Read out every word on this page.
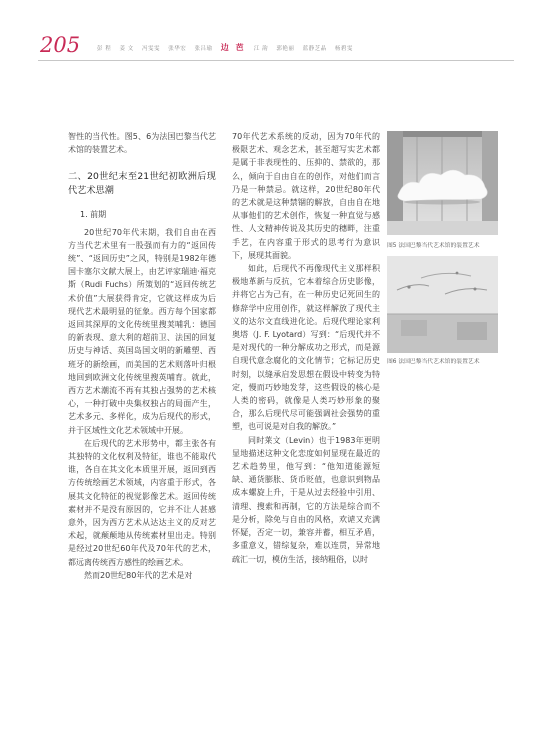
205	彭 程 姜 文 冯雯雯 张华宏 张吕瑜 边 芭 江 韵 郭艳丽 蓝静芝晶 杨碧雯

智性的当代性。图5、6为法国巴黎当代艺术馆的装置艺术。

二、20世纪末至21世纪初欧洲后现代艺术思潮
1. 前期

20世纪70年代末期，我们自由在西方当代艺术里有一股强而有力的“返回传统”、“返回历史”之风，特别是1982年德国卡塞尔文献大展上，由艺评家瑞迪·福克斯（Rudi Fuchs）所策划的“返回传统艺术价值”大展获得肯定，它就这样成为后现代艺术最明显的征象。西方每个国家都返回其深厚的文化传统里搜荚哺乳：德国的新表现、意大利的超前卫、法国的回复历史与神话、英国岛国文明的新雕塑、西班牙的新绘画，而美国的艺术则落叶归根地回到欧洲文化传统里搜英哺育。就此，西方艺术潮流不再有其独占强势的艺术核心，一种打破中央集权独占的局面产生，艺术多元、多样化，成为后现代的形式，并于区域性文化艺术领域中开展。

在后现代的艺术形势中，都主张各有其独特的文化权利及特征，谁也不能取代谁，各自在其文化本质里开展，返回到西方传统绘画艺术领域，内容重于形式，各展其文化特征的视觉影像艺术。返回传统素材并不是没有原因的，它并不让人甚感意外，因为西方艺术从达达主义的反对艺术起，就颠颠地从传统素材里出走。特别是经过20世纪60年代及70年代的艺术，都远离传统西方感性的绘画艺术。

然而20世纪80年代的艺术是对

70年代艺术系统的反动，因为70年代的极限艺术、观念艺术，甚至超写实艺术都是属于非表现性的、压抑的、禁欲的，那么，倾向于自由自在的创作，对他们而言乃是一种禁忌。就这样，20世纪80年代的艺术就是这种禁锢的解放，自由自在地从事他们的艺术创作，恢复一种直觉与感性、人文精神传说及其历史的穗畔，注重手艺，在内容重于形式的思考行为意识下，展现其面貌。

如此，后现代不再像现代主义那样积极地革新与反抗，它本着综合历史影像，并将它占为己有，在一种历史记死回生的修辞学中应用创作，就这样解放了现代主义的达尔文直线进化论。后现代理论家利奥塔（J. F. Lyotard）写到：“后现代并不是对现代的一种分解成功之形式，而是源自现代意念腐化的文化情节；它标记历史时刻，以缝承启发思想在假设中转变为特定，慢而巧妙地发芽，这些假设的核心是人类的密码，就像是人类巧妙形象的聚合，那么后现代尽可能强调社会强势的重塑，也可说是对自我的解放。”

同时莱文（Levin）也于1983年更明显地描述这种文化恋度如何显现在最近的艺术趋势里，他写到：“他知道能源短缺、通货膨胀、货币贬值，也意识到物品成本螺旋上升，于是从过去经验中引用、清理、搜索和再制，它的方法是综合而不是分析，除免与自由的风格，欢谑又充满怀疑，否定一切，兼容并蓄，相互矛盾，多重意义，错综复杂，难以连贯，异常地疏汇一切，模仿生活，接纳粗俗，以时

图5 法国巴黎当代艺术馆的装置艺术
图6 法国巴黎当代艺术馆的装置艺术
